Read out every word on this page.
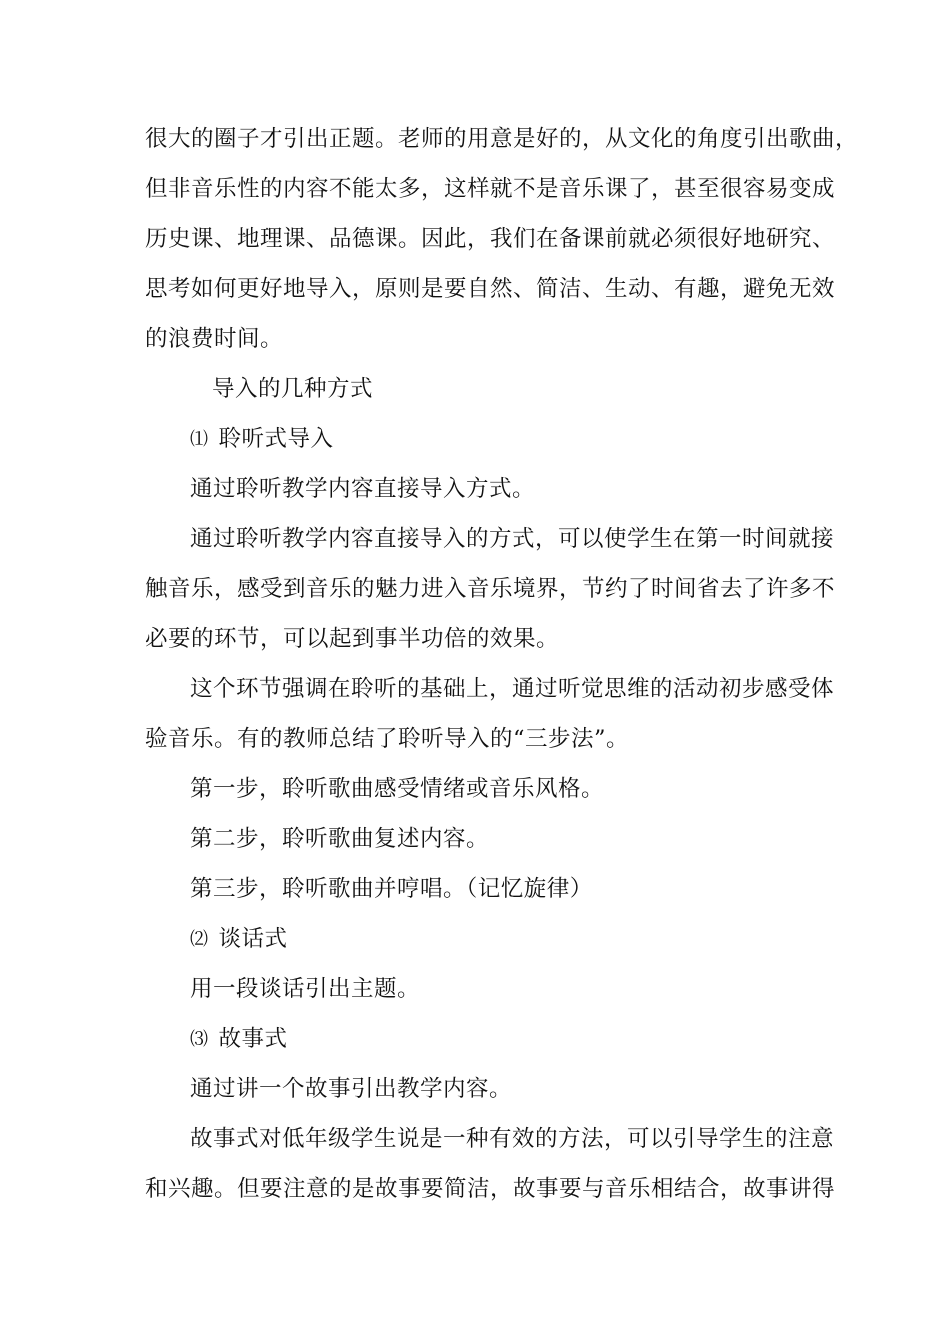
很大的圈子才引出正题。老师的用意是好的，从文化的角度引出歌曲，
但非音乐性的内容不能太多，这样就不是音乐课了，甚至很容易变成
历史课、地理课、品德课。因此，我们在备课前就必须很好地研究、
思考如何更好地导入，原则是要自然、简洁、生动、有趣，避免无效
的浪费时间。
导入的几种方式
⑴ 聆听式导入
通过聆听教学内容直接导入方式。
通过聆听教学内容直接导入的方式，可以使学生在第一时间就接
触音乐，感受到音乐的魅力进入音乐境界，节约了时间省去了许多不
必要的环节，可以起到事半功倍的效果。
这个环节强调在聆听的基础上，通过听觉思维的活动初步感受体
验音乐。有的教师总结了聆听导入的“三步法”。
第一步，聆听歌曲感受情绪或音乐风格。
第二步，聆听歌曲复述内容。
第三步，聆听歌曲并哼唱。（记忆旋律）
⑵ 谈话式
用一段谈话引出主题。
⑶ 故事式
通过讲一个故事引出教学内容。
故事式对低年级学生说是一种有效的方法，可以引导学生的注意
和兴趣。但要注意的是故事要简洁，故事要与音乐相结合，故事讲得
